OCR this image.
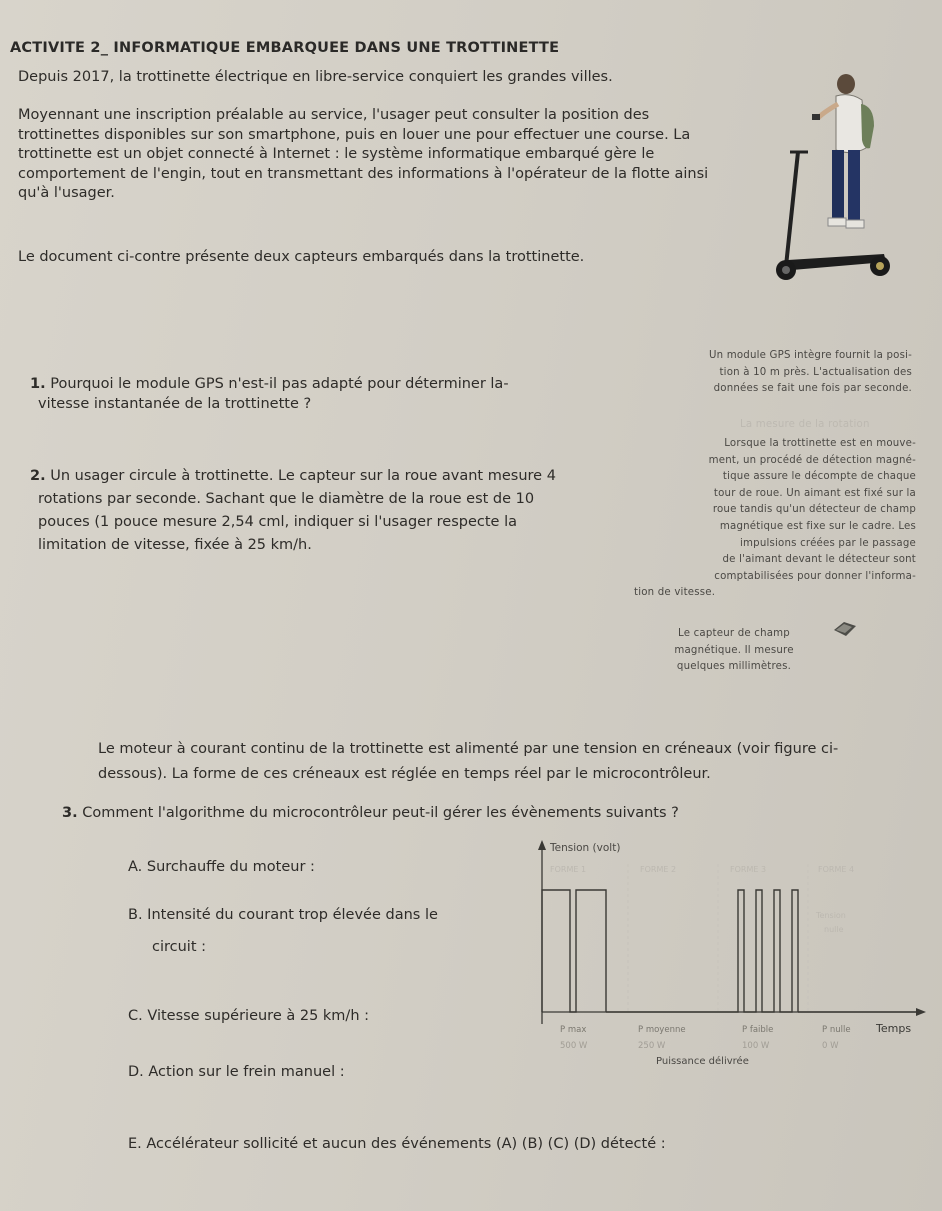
ACTIVITE 2_ INFORMATIQUE EMBARQUEE DANS UNE TROTTINETTE
Depuis 2017, la trottinette électrique en libre-service conquiert les grandes villes.
Moyennant une inscription préalable au service, l'usager peut consulter la position des
trottinettes disponibles sur son smartphone, puis en louer une pour effectuer une course. La
trottinette est un objet connecté à Internet : le système informatique embarqué gère le
comportement de l'engin, tout en transmettant des informations à l'opérateur de la flotte ainsi
qu'à l'usager.
Le document ci-contre présente deux capteurs embarqués dans la trottinette.
Un module GPS intègre fournit la posi-
tion à 10 m près. L'actualisation des
données se fait une fois par seconde.
1. Pourquoi le module GPS n'est-il pas adapté pour déterminer la-
vitesse instantanée de la trottinette ?
La mesure de la rotation
Lorsque la trottinette est en mouve-
ment, un procédé de détection magné-
tique assure le décompte de chaque
tour de roue. Un aimant est fixé sur la
roue tandis qu'un détecteur de champ
magnétique est fixe sur le cadre. Les
impulsions créées par le passage
de l'aimant devant le détecteur sont
comptabilisées pour donner l'informa-
tion de vitesse.
2. Un usager circule à trottinette. Le capteur sur la roue avant mesure 4
rotations par seconde. Sachant que le diamètre de la roue est de 10
pouces (1 pouce mesure 2,54 cml, indiquer si l'usager respecte la
limitation de vitesse, fixée à 25 km/h.
Le capteur de champ
magnétique. Il mesure
quelques millimètres.
Le moteur à courant continu de la trottinette est alimenté par une tension en créneaux (voir figure ci-
dessous). La forme de ces créneaux est réglée en temps réel par le microcontrôleur.
3. Comment l'algorithme du microcontrôleur peut-il gérer les évènements suivants ?
A. Surchauffe du moteur :
B. Intensité du courant trop élevée dans le
circuit :
C. Vitesse supérieure à 25 km/h :
D. Action sur le frein manuel :
E. Accélérateur sollicité et aucun des événements (A) (B) (C) (D) détecté :
Tension (volt)
Temps
FORME 1	FORME 2	FORME 3	FORME 4
Tension
nulle
P max	P moyenne	P faible	P nulle
500 W	250 W	100 W	0 W
Puissance délivrée
